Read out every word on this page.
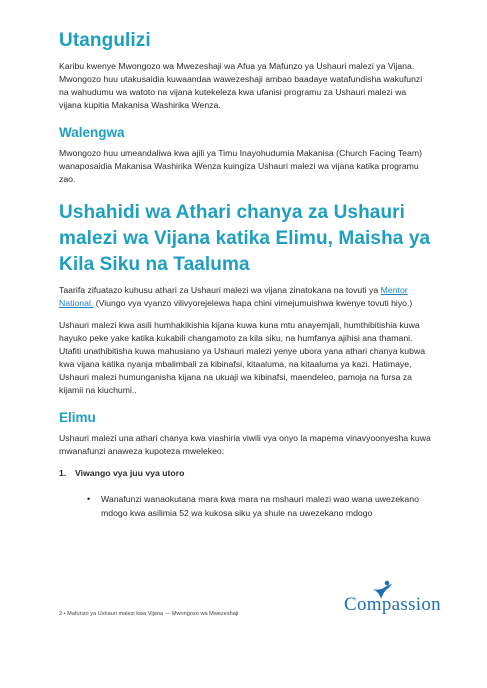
Utangulizi

Karibu kwenye Mwongozo wa Mwezeshaji wa Afua ya Mafunzo ya Ushauri malezi ya Vijana. Mwongozo huu utakusaidia kuwaandaa wawezeshaji ambao baadaye watafundisha wakufunzi na wahudumu wa watoto na vijana kutekeleza kwa ufanisi programu za Ushauri malezi wa vijana kupitia Makanisa Washirika Wenza.

Walengwa

Mwongozo huu umeandaliwa kwa ajili ya Timu Inayohudumia Makanisa (Church Facing Team) wanaposaidia Makanisa Washirika Wenza kuingiza Ushauri malezi wa vijana katika programu zao.

Ushahidi wa Athari chanya za Ushauri malezi wa Vijana katika Elimu, Maisha ya Kila Siku na Taaluma

Taarifa zifuatazo kuhusu athari za Ushauri malezi wa vijana zinatokana na tovuti ya Mentor National. (Viungo vya vyanzo vilivyorejelewa hapa chini vimejumuishwa kwenye tovuti hiyo.)

Ushauri malezi kwa asili humhakikishia kijana kuwa kuna mtu anayemjali, humthibitishia kuwa hayuko peke yake katika kukabili changamoto za kila siku, na humfanya ajihisi ana thamani. Utafiti unathibitisha kuwa mahusiano ya Ushauri malezi yenye ubora yana athari chanya kubwa kwa vijana katika nyanja mbalimbali za kibinafsi, kitaaluma, na kitaaluma ya kazi. Hatimaye, Ushauri malezi humunganisha kijana na ukuaji wa kibinafsi, maendeleo, pamoja na fursa za kijamii na kiuchumi..

Elimu

Ushauri malezi una athari chanya kwa viashiria viwili vya onyo la mapema vinavyoonyesha kuwa mwanafunzi anaweza kupoteza mwelekeo:

1.	Viwango vya juu vya utoro
•	Wanafunzi wanaokutana mara kwa mara na mshauri malezi wao wana uwezekano mdogo kwa asilimia 52 wa kukosa siku ya shule na uwezekano mdogo
2 • Mafunzo ya Ushauri malezi kwa Vijana — Mwongozo wa Mwezeshaji	Compassion
